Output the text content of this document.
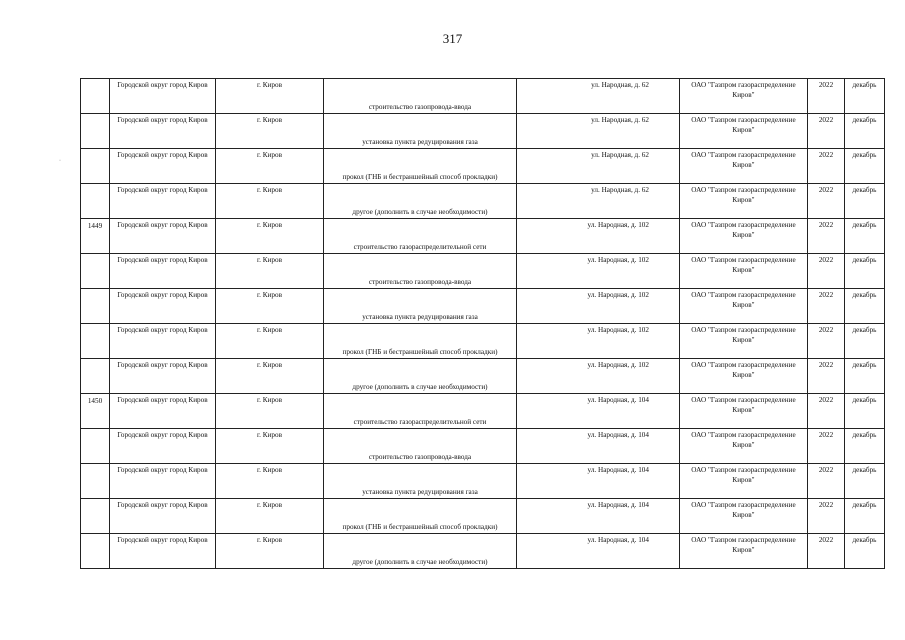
317
	Городской округ город Киров	г. Киров	строительство газопровода-ввода	ул. Народная, д. 62	ОАО "Газпром газораспределение Киров"	2022	декабрь
	Городской округ город Киров	г. Киров	установка пункта редуцирования газа	ул. Народная, д. 62	ОАО "Газпром газораспределение Киров"	2022	декабрь
	Городской округ город Киров	г. Киров	прокол (ГНБ и бестраншейный способ прокладки)	ул. Народная, д. 62	ОАО "Газпром газораспределение Киров"	2022	декабрь
	Городской округ город Киров	г. Киров	другое (дополнить в случае необходимости)	ул. Народная, д. 62	ОАО "Газпром газораспределение Киров"	2022	декабрь
1449	Городской округ город Киров	г. Киров	строительство газораспределительной сети	ул. Народная, д. 102	ОАО "Газпром газораспределение Киров"	2022	декабрь
	Городской округ город Киров	г. Киров	строительство газопровода-ввода	ул. Народная, д. 102	ОАО "Газпром газораспределение Киров"	2022	декабрь
	Городской округ город Киров	г. Киров	установка пункта редуцирования газа	ул. Народная, д. 102	ОАО "Газпром газораспределение Киров"	2022	декабрь
	Городской округ город Киров	г. Киров	прокол (ГНБ и бестраншейный способ прокладки)	ул. Народная, д. 102	ОАО "Газпром газораспределение Киров"	2022	декабрь
	Городской округ город Киров	г. Киров	другое (дополнить в случае необходимости)	ул. Народная, д. 102	ОАО "Газпром газораспределение Киров"	2022	декабрь
1450	Городской округ город Киров	г. Киров	строительство газораспределительной сети	ул. Народная, д. 104	ОАО "Газпром газораспределение Киров"	2022	декабрь
	Городской округ город Киров	г. Киров	строительство газопровода-ввода	ул. Народная, д. 104	ОАО "Газпром газораспределение Киров"	2022	декабрь
	Городской округ город Киров	г. Киров	установка пункта редуцирования газа	ул. Народная, д. 104	ОАО "Газпром газораспределение Киров"	2022	декабрь
	Городской округ город Киров	г. Киров	прокол (ГНБ и бестраншейный способ прокладки)	ул. Народная, д. 104	ОАО "Газпром газораспределение Киров"	2022	декабрь
	Городской округ город Киров	г. Киров	другое (дополнить в случае необходимости)	ул. Народная, д. 104	ОАО "Газпром газораспределение Киров"	2022	декабрь
·
